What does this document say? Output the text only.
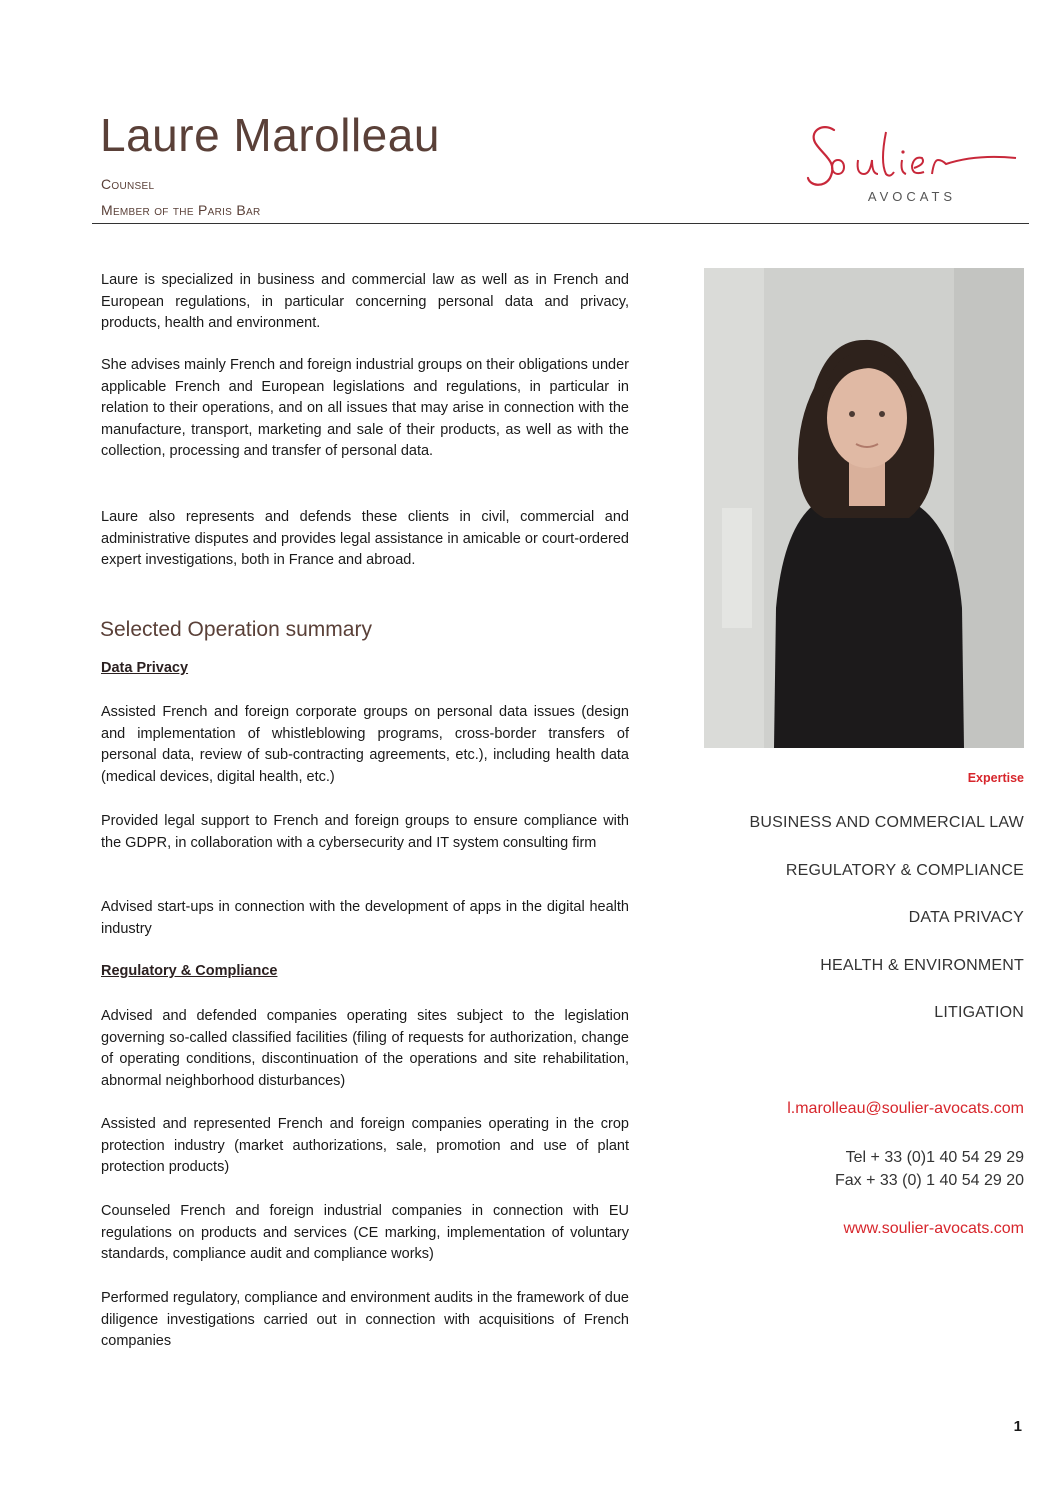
Laure Marolleau
Counsel
Member of the Paris Bar
AVOCATS

Laure is specialized in business and commercial law as well as in French and European regulations, in particular concerning personal data and privacy, products, health and environment.

She advises mainly French and foreign industrial groups on their obligations under applicable French and European legislations and regulations, in particular in relation to their operations, and on all issues that may arise in connection with the manufacture, transport, marketing and sale of their products, as well as with the collection, processing and transfer of personal data.

Laure also represents and defends these clients in civil, commercial and administrative disputes and provides legal assistance in amicable or court-ordered expert investigations, both in France and abroad.

Selected Operation summary
Data Privacy

Assisted French and foreign corporate groups on personal data issues (design and implementation of whistleblowing programs, cross-border transfers of personal data, review of sub-contracting agreements, etc.), including health data (medical devices, digital health, etc.)

Provided legal support to French and foreign groups to ensure compliance with the GDPR, in collaboration with a cybersecurity and IT system consulting firm

Advised start-ups in connection with the development of apps in the digital health industry

Regulatory & Compliance

Advised and defended companies operating sites subject to the legislation governing so-called classified facilities (filing of requests for authorization, change of operating conditions, discontinuation of the operations and site rehabilitation, abnormal neighborhood disturbances)

Assisted and represented French and foreign companies operating in the crop protection industry (market authorizations, sale, promotion and use of plant protection products)

Counseled French and foreign industrial companies in connection with EU regulations on products and services (CE marking, implementation of voluntary standards, compliance audit and compliance works)

Performed regulatory, compliance and environment audits in the framework of due diligence investigations carried out in connection with acquisitions of French companies

Expertise
BUSINESS AND COMMERCIAL LAW
REGULATORY & COMPLIANCE
DATA PRIVACY
HEALTH & ENVIRONMENT
LITIGATION
l.marolleau@soulier-avocats.com
Tel + 33 (0)1 40 54 29 29
Fax + 33 (0) 1 40 54 29 20
www.soulier-avocats.com
1
